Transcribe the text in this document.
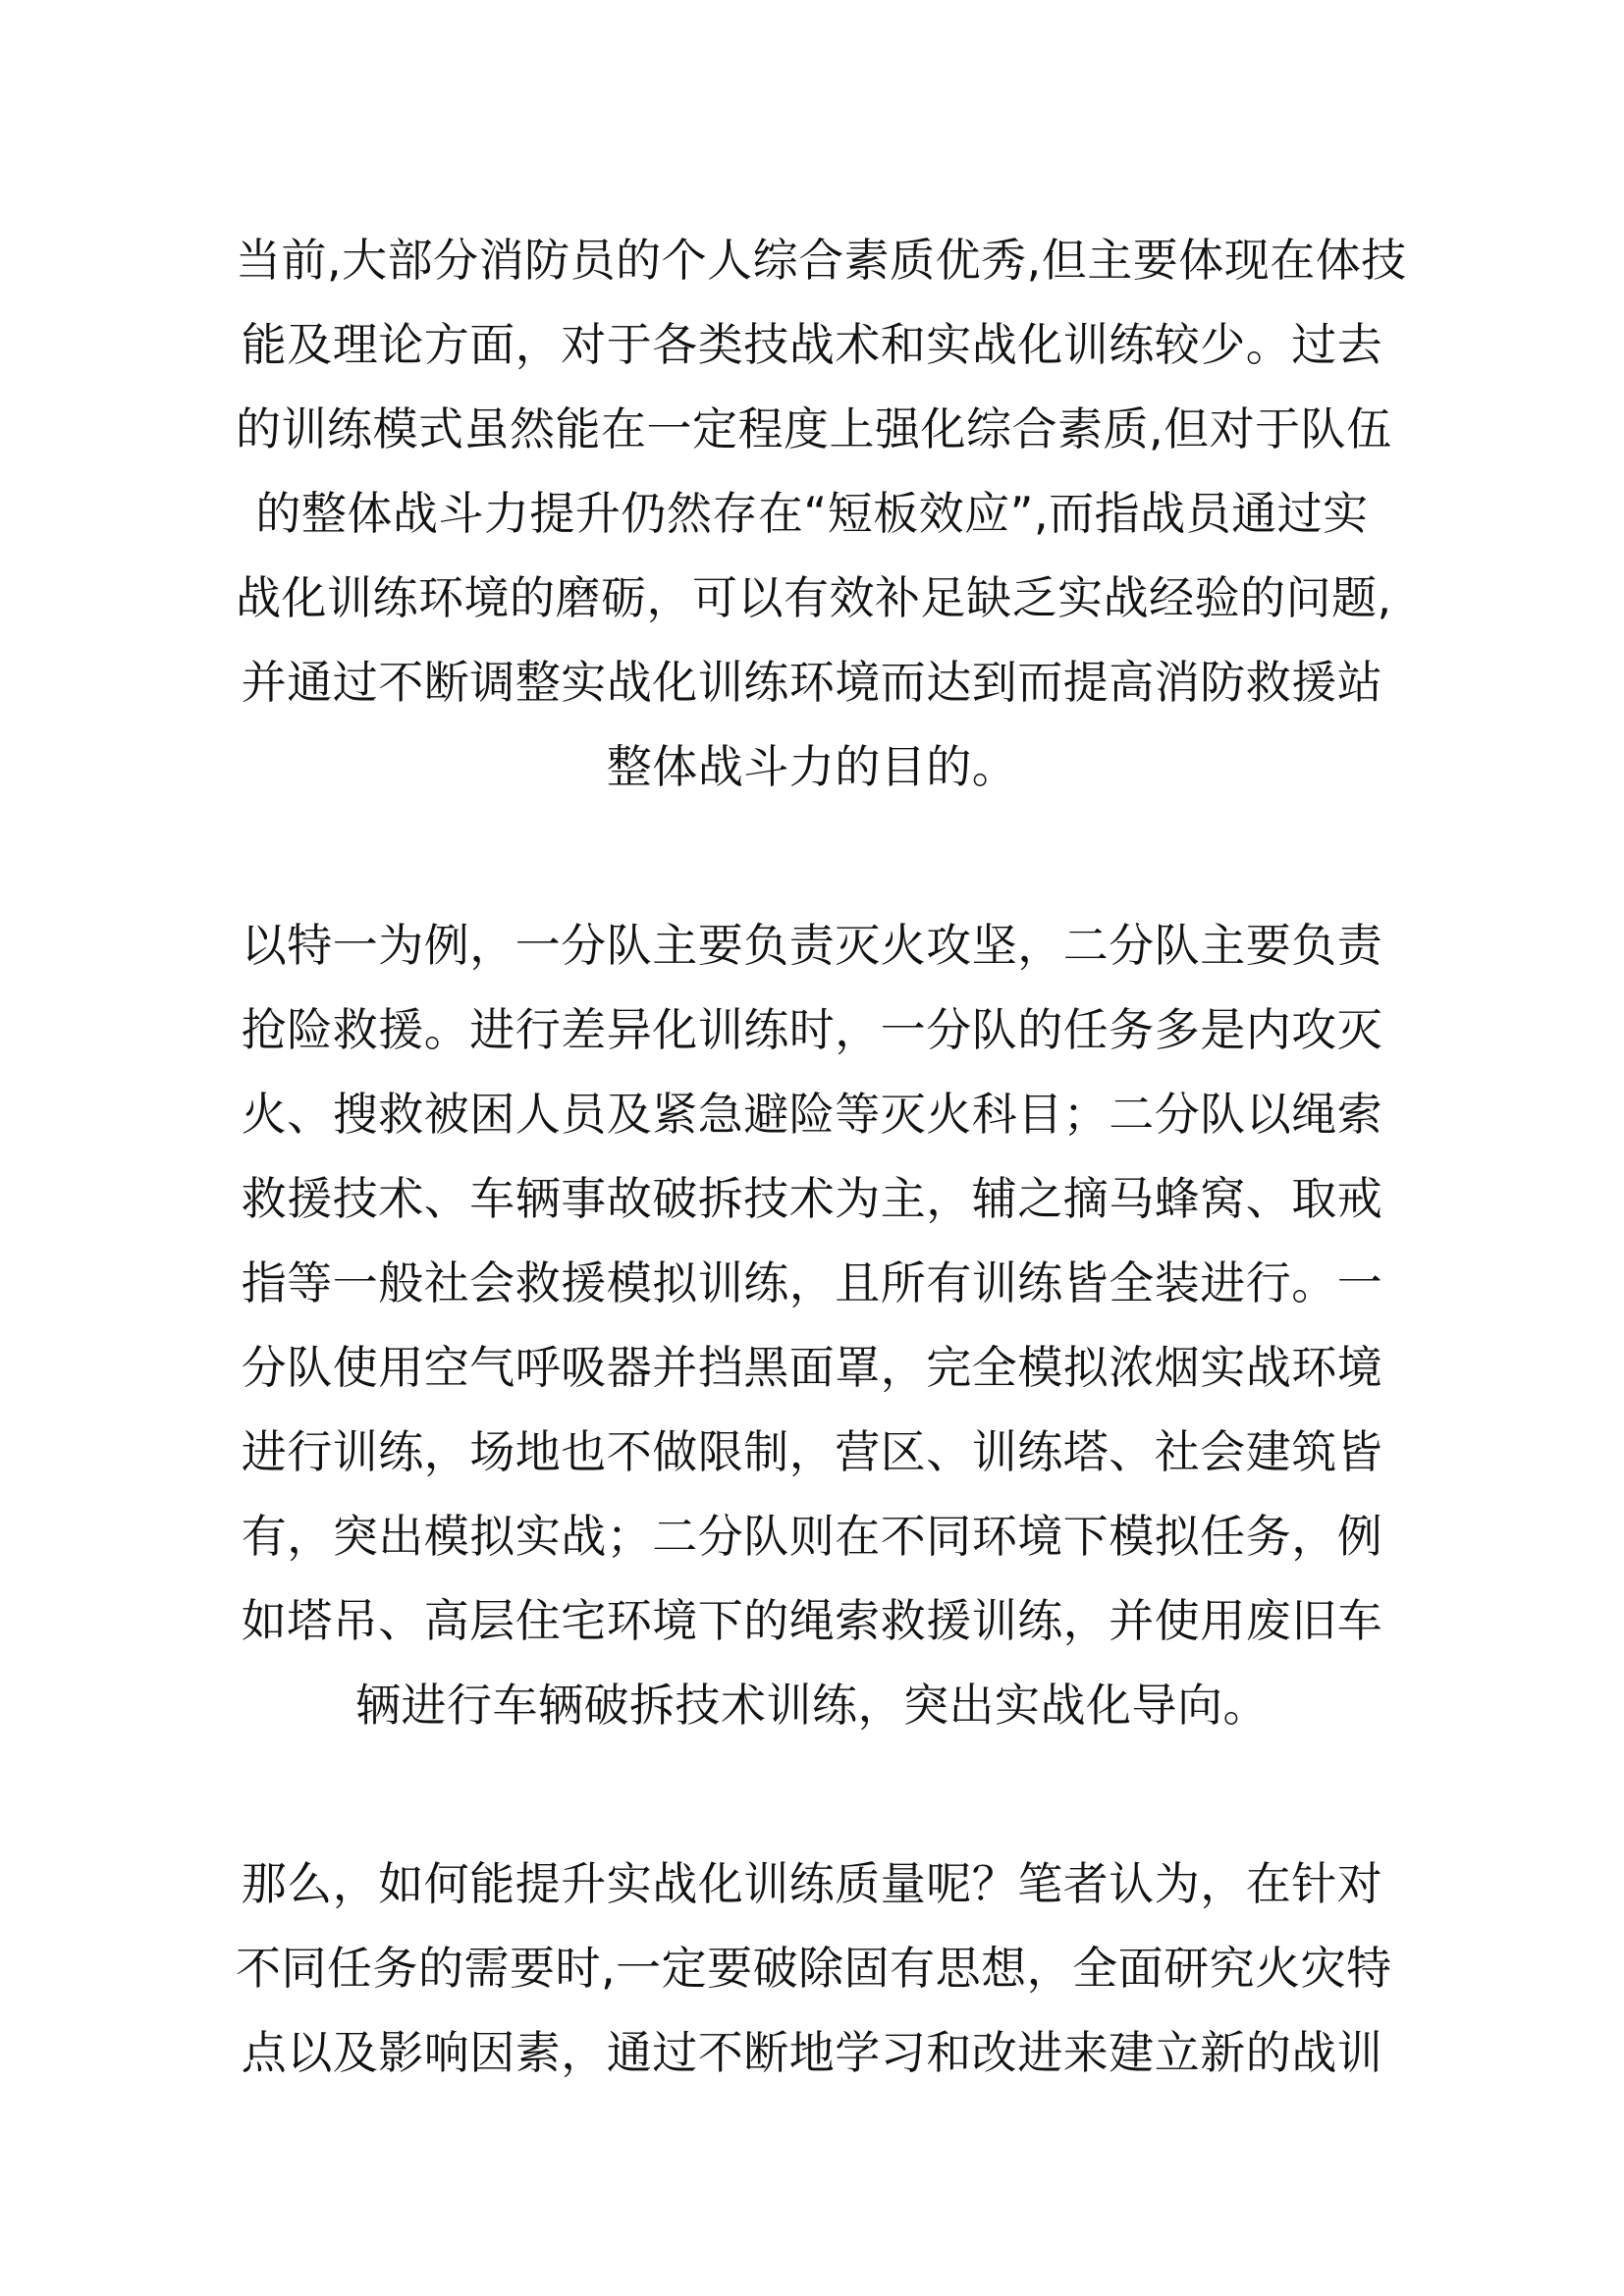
当前,大部分消防员的个人综合素质优秀,但主要体现在体技
能及理论方面，对于各类技战术和实战化训练较少。过去
的训练模式虽然能在一定程度上强化综合素质,但对于队伍
的整体战斗力提升仍然存在“短板效应”,而指战员通过实
战化训练环境的磨砺，可以有效补足缺乏实战经验的问题,
并通过不断调整实战化训练环境而达到而提高消防救援站
整体战斗力的目的。
以特一为例，一分队主要负责灭火攻坚，二分队主要负责
抢险救援。进行差异化训练时，一分队的任务多是内攻灭
火、搜救被困人员及紧急避险等灭火科目；二分队以绳索
救援技术、车辆事故破拆技术为主，辅之摘马蜂窝、取戒
指等一般社会救援模拟训练，且所有训练皆全装进行。一
分队使用空气呼吸器并挡黑面罩，完全模拟浓烟实战环境
进行训练，场地也不做限制，营区、训练塔、社会建筑皆
有，突出模拟实战；二分队则在不同环境下模拟任务，例
如塔吊、高层住宅环境下的绳索救援训练，并使用废旧车
辆进行车辆破拆技术训练，突出实战化导向。
那么，如何能提升实战化训练质量呢？笔者认为，在针对
不同任务的需要时,一定要破除固有思想，全面研究火灾特
点以及影响因素，通过不断地学习和改进来建立新的战训
